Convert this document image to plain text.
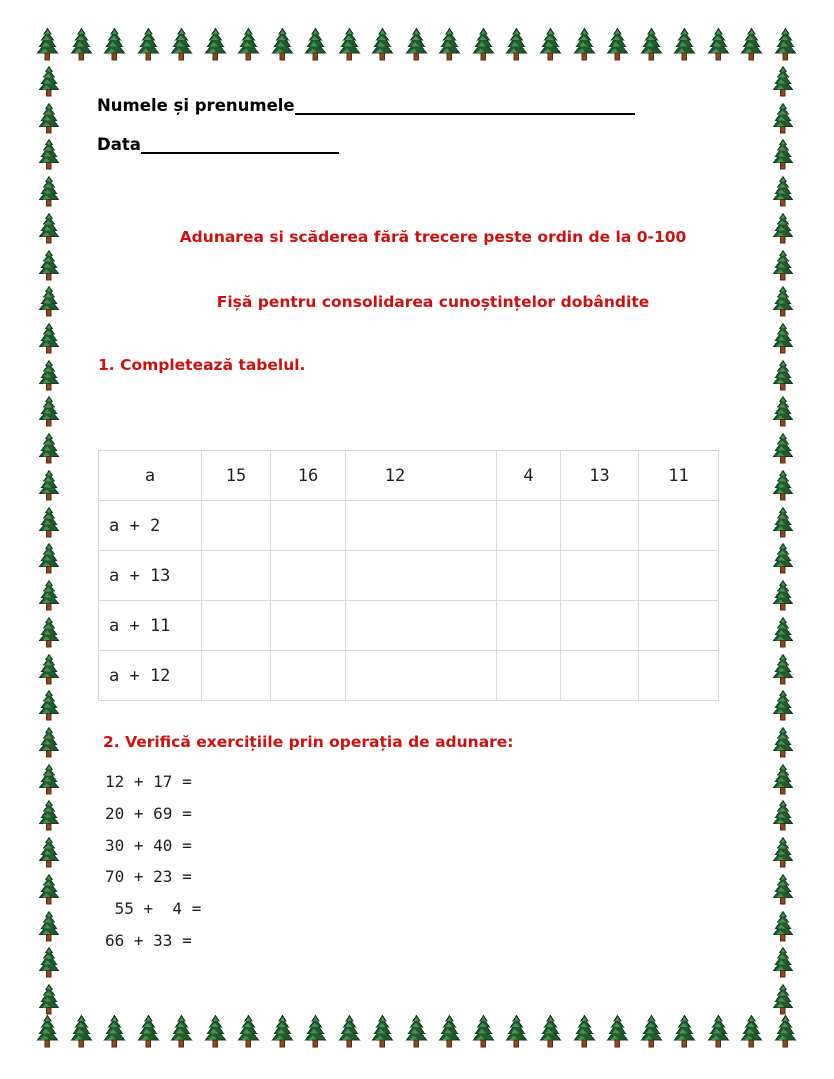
Numele și prenumele
Data
Adunarea si scăderea fără trecere peste ordin de la 0-100
Fișă pentru consolidarea cunoștințelor dobândite
1. Completează tabelul.
a	15	16	12	4	13	11
a + 2						
a + 13						
a + 11						
a + 12						
2. Verifică exercițiile prin operația de adunare:

12 + 17 =

20 + 69 =

30 + 40 =

70 + 23 =

55 +  4 =

66 + 33 =
